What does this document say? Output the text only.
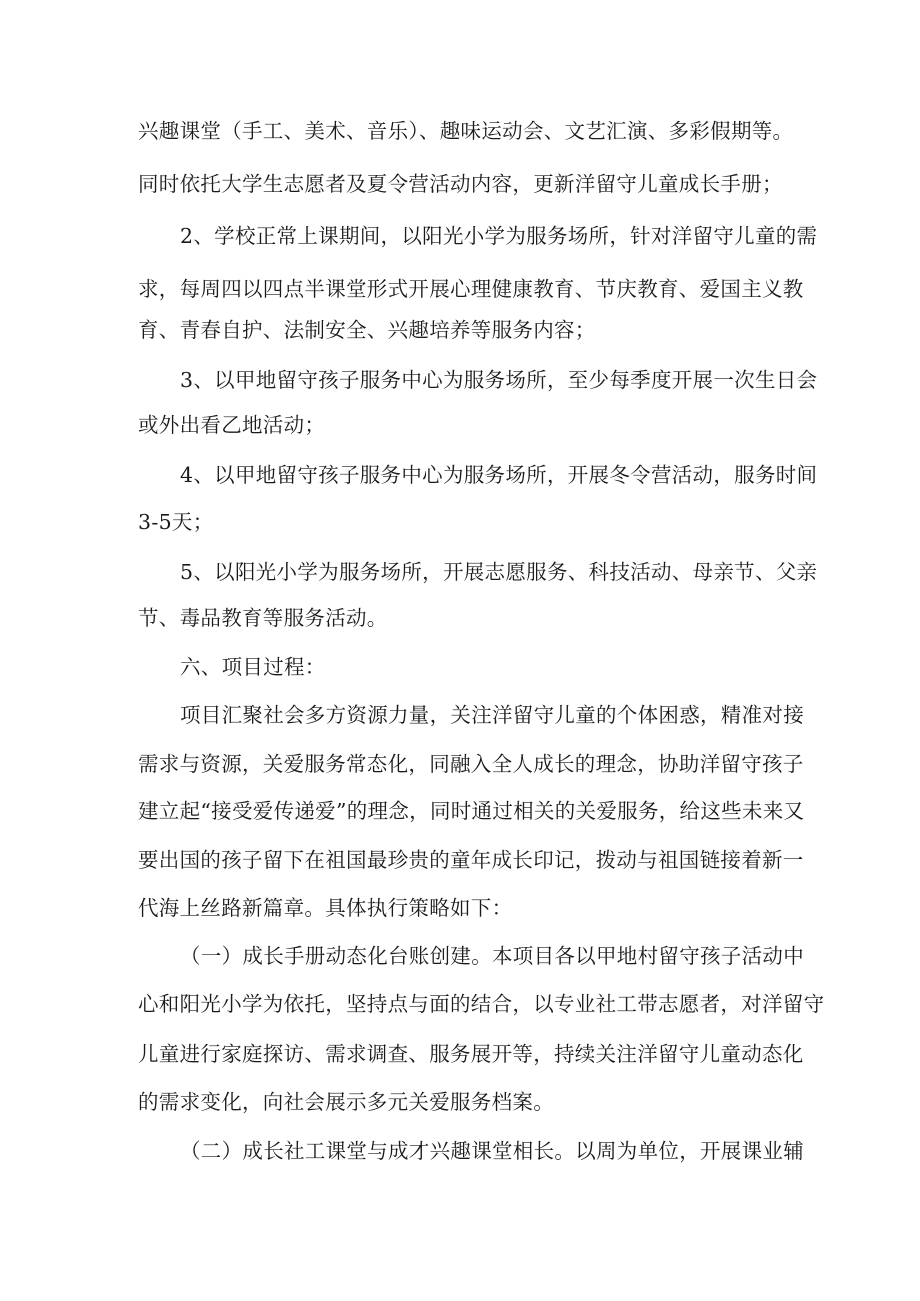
兴趣课堂（手工、美术、音乐）、趣味运动会、文艺汇演、多彩假期等。
同时依托大学生志愿者及夏令营活动内容，更新洋留守儿童成长手册；
2、学校正常上课期间，以阳光小学为服务场所，针对洋留守儿童的需
求，每周四以四点半课堂形式开展心理健康教育、节庆教育、爱国主义教
育、青春自护、法制安全、兴趣培养等服务内容；
3、以甲地留守孩子服务中心为服务场所，至少每季度开展一次生日会
或外出看乙地活动；
4、以甲地留守孩子服务中心为服务场所，开展冬令营活动，服务时间
3-5天；
5、以阳光小学为服务场所，开展志愿服务、科技活动、母亲节、父亲
节、毒品教育等服务活动。
六、项目过程：
项目汇聚社会多方资源力量，关注洋留守儿童的个体困惑，精准对接
需求与资源，关爱服务常态化，同融入全人成长的理念，协助洋留守孩子
建立起“接受爱传递爱”的理念，同时通过相关的关爱服务，给这些未来又
要出国的孩子留下在祖国最珍贵的童年成长印记，拨动与祖国链接着新一
代海上丝路新篇章。具体执行策略如下：
（一）成长手册动态化台账创建。本项目各以甲地村留守孩子活动中
心和阳光小学为依托，坚持点与面的结合，以专业社工带志愿者，对洋留守
儿童进行家庭探访、需求调查、服务展开等，持续关注洋留守儿童动态化
的需求变化，向社会展示多元关爱服务档案。
（二）成长社工课堂与成才兴趣课堂相长。以周为单位，开展课业辅
